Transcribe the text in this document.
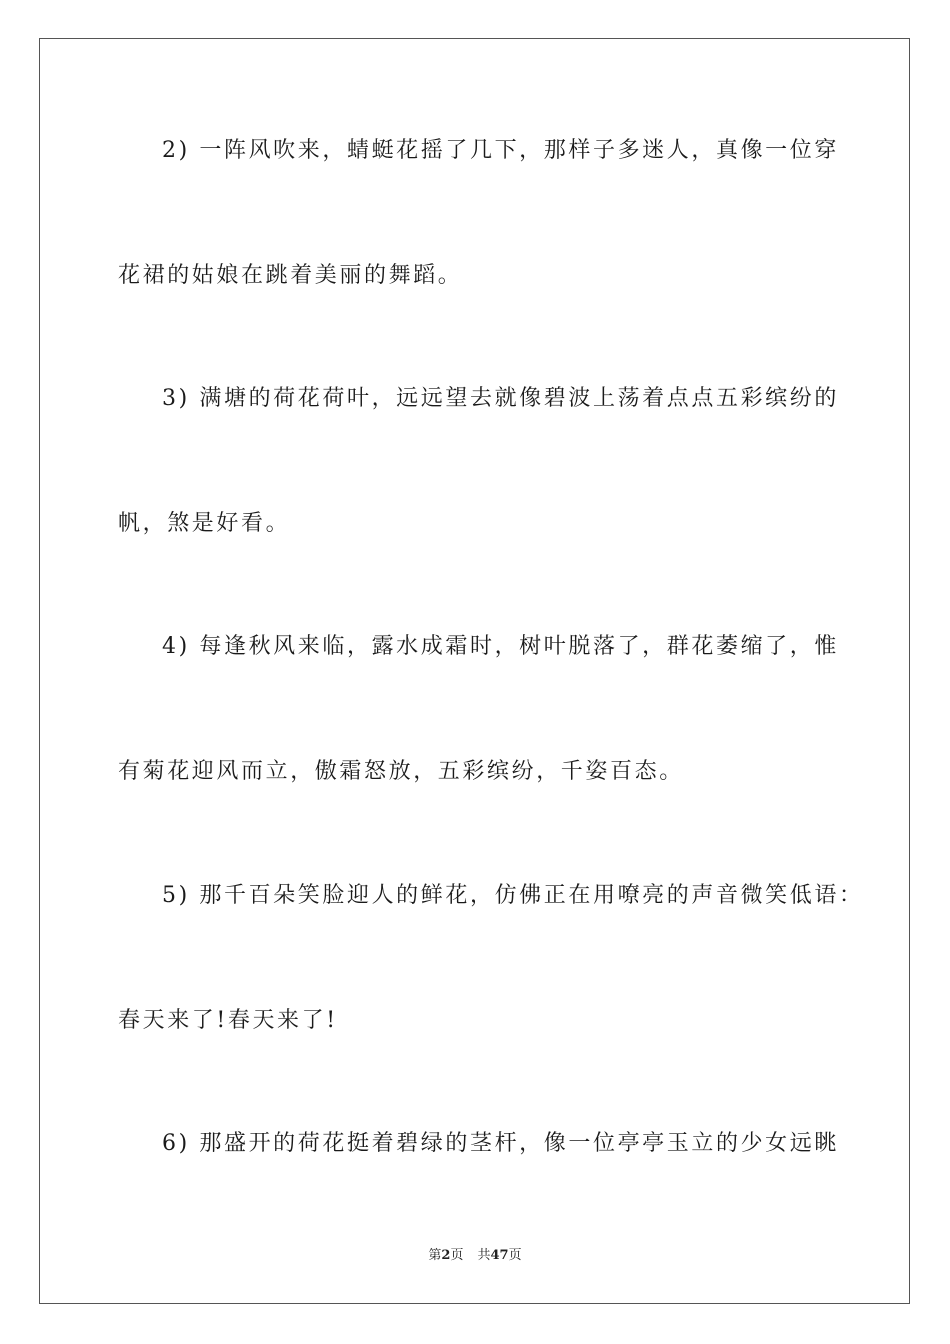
2) 一阵风吹来，蜻蜓花摇了几下，那样子多迷人，真像一位穿
花裙的姑娘在跳着美丽的舞蹈。
3) 满塘的荷花荷叶，远远望去就像碧波上荡着点点五彩缤纷的
帆，煞是好看。
4) 每逢秋风来临，露水成霜时，树叶脱落了，群花萎缩了，惟
有菊花迎风而立，傲霜怒放，五彩缤纷，千姿百态。
5) 那千百朵笑脸迎人的鲜花，仿佛正在用嘹亮的声音微笑低语：
春天来了!春天来了!
6) 那盛开的荷花挺着碧绿的茎杆，像一位亭亭玉立的少女远眺
第2页 共47页
